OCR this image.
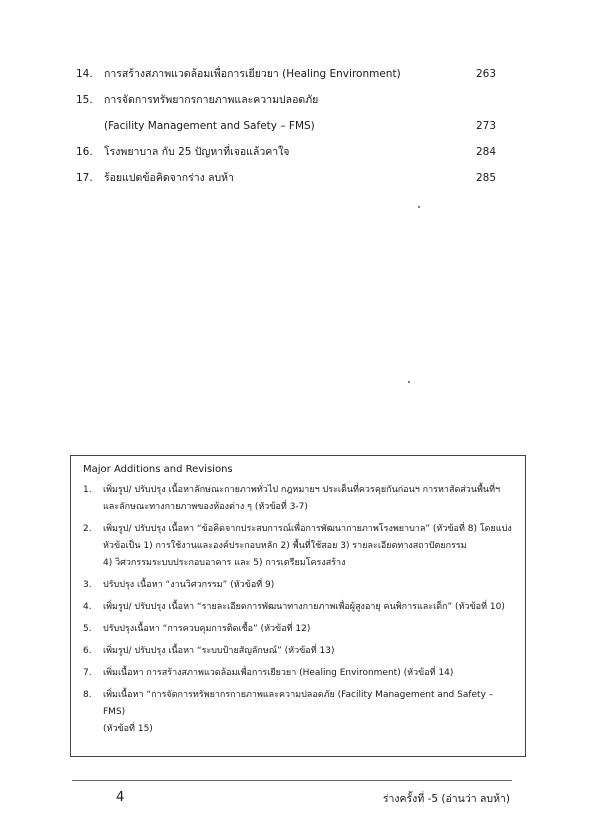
14.	การสร้างสภาพแวดล้อมเพื่อการเยียวยา (Healing Environment)	263
15.	การจัดการทรัพยากรกายภาพและความปลอดภัย
(Facility Management and Safety – FMS)	273
16.	โรงพยาบาล กับ 25 ปัญหาที่เจอแล้วคาใจ	284
17.	ร้อยแปดข้อคิดจากร่าง ลบห้า	285
Major Additions and Revisions
1. เพิ่มรูป/ ปรับปรุง เนื้อหาลักษณะกายภาพทั่วไป กฎหมายฯ ประเด็นที่ควรคุยกันก่อนฯ การหาสัดส่วนพื้นที่ฯ
และลักษณะทางกายภาพของห้องต่าง ๆ (หัวข้อที่ 3-7)
2. เพิ่มรูป/ ปรับปรุง เนื้อหา “ข้อคิดจากประสบการณ์เพื่อการพัฒนากายภาพโรงพยาบาล” (หัวข้อที่ 8) โดยแบ่ง
หัวข้อเป็น 1) การใช้งานและองค์ประกอบหลัก 2) พื้นที่ใช้สอย 3) รายละเอียดทางสถาปัตยกรรม
4) วิศวกรรมระบบประกอบอาคาร และ 5) การเตรียมโครงสร้าง
3. ปรับปรุง เนื้อหา “งานวิศวกรรม” (หัวข้อที่ 9)
4. เพิ่มรูป/ ปรับปรุง เนื้อหา “รายละเอียดการพัฒนาทางกายภาพเพื่อผู้สูงอายุ คนพิการและเด็ก” (หัวข้อที่ 10)
5. ปรับปรุงเนื้อหา “การควบคุมการติดเชื้อ” (หัวข้อที่ 12)
6. เพิ่มรูป/ ปรับปรุง เนื้อหา “ระบบป้ายสัญลักษณ์” (หัวข้อที่ 13)
7. เพิ่มเนื้อหา การสร้างสภาพแวดล้อมเพื่อการเยียวยา (Healing Environment) (หัวข้อที่ 14)
8. เพิ่มเนื้อหา “การจัดการทรัพยากรกายภาพและความปลอดภัย (Facility Management and Safety – FMS)
(หัวข้อที่ 15)
4	ร่างครั้งที่ -5 (อ่านว่า ลบห้า)
